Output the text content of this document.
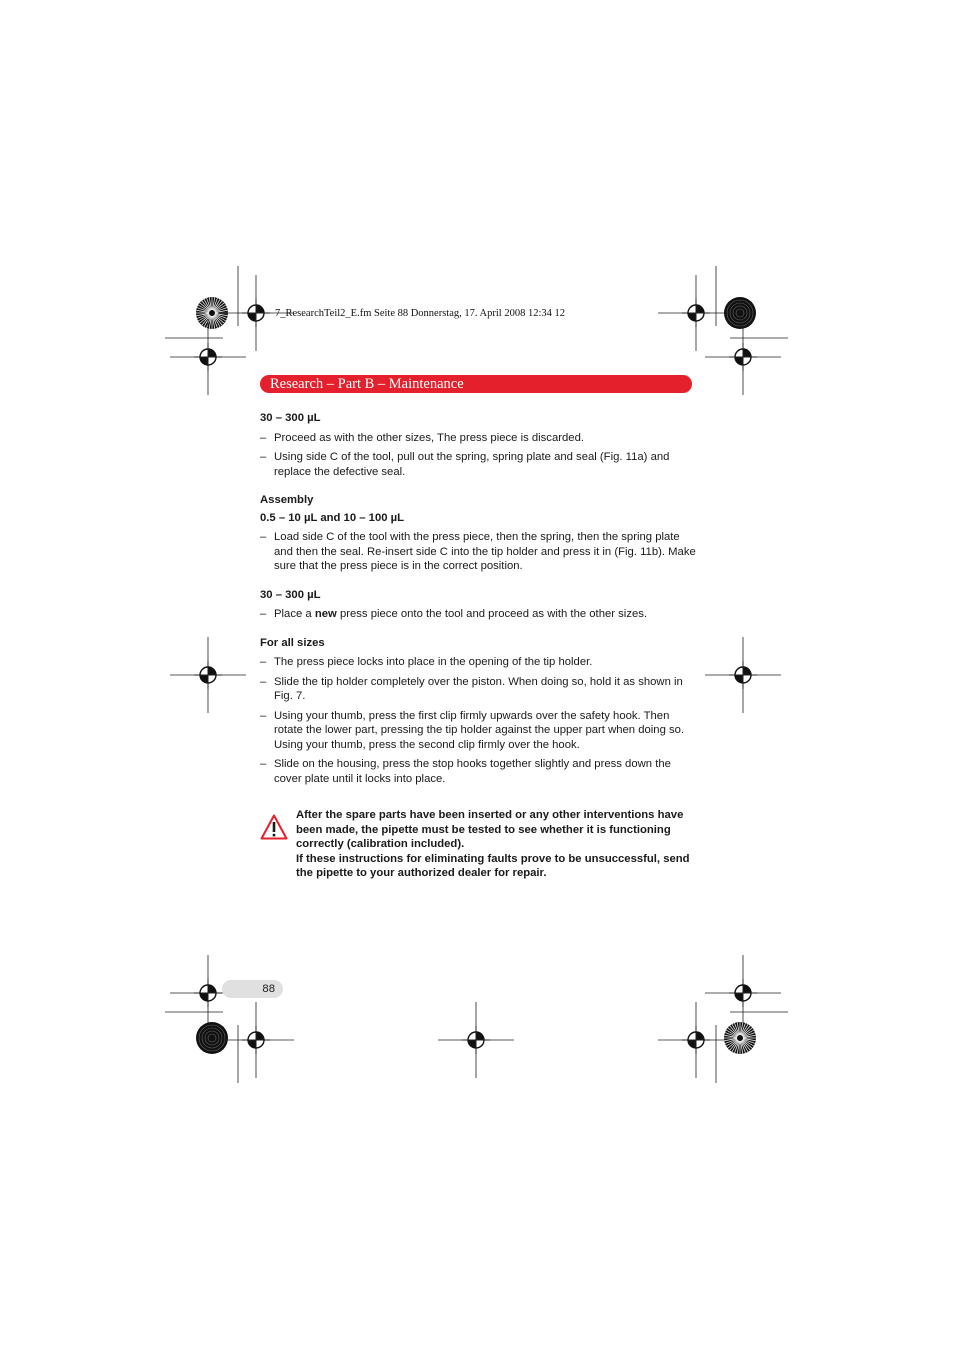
7_ResearchTeil2_E.fm Seite 88 Donnerstag, 17. April 2008 12:34 12
Research – Part B – Maintenance

30 – 300 µL

– Proceed as with the other sizes, The press piece is discarded.
– Using side C of the tool, pull out the spring, spring plate and seal (Fig. 11a) and replace the defective seal.

Assembly

0.5 – 10 µL and 10 – 100 µL

– Load side C of the tool with the press piece, then the spring, then the spring plate and then the seal. Re-insert side C into the tip holder and press it in (Fig. 11b). Make sure that the press piece is in the correct position.

30 – 300 µL

– Place a new press piece onto the tool and proceed as with the other sizes.

For all sizes

– The press piece locks into place in the opening of the tip holder.
– Slide the tip holder completely over the piston. When doing so, hold it as shown in Fig. 7.
– Using your thumb, press the first clip firmly upwards over the safety hook. Then rotate the lower part, pressing the tip holder against the upper part when doing so. Using your thumb, press the second clip firmly over the hook.
– Slide on the housing, press the stop hooks together slightly and press down the cover plate until it locks into place.

After the spare parts have been inserted or any other interventions have been made, the pipette must be tested to see whether it is functioning correctly (calibration included).

If these instructions for eliminating faults prove to be unsuccessful, send the pipette to your authorized dealer for repair.

88
